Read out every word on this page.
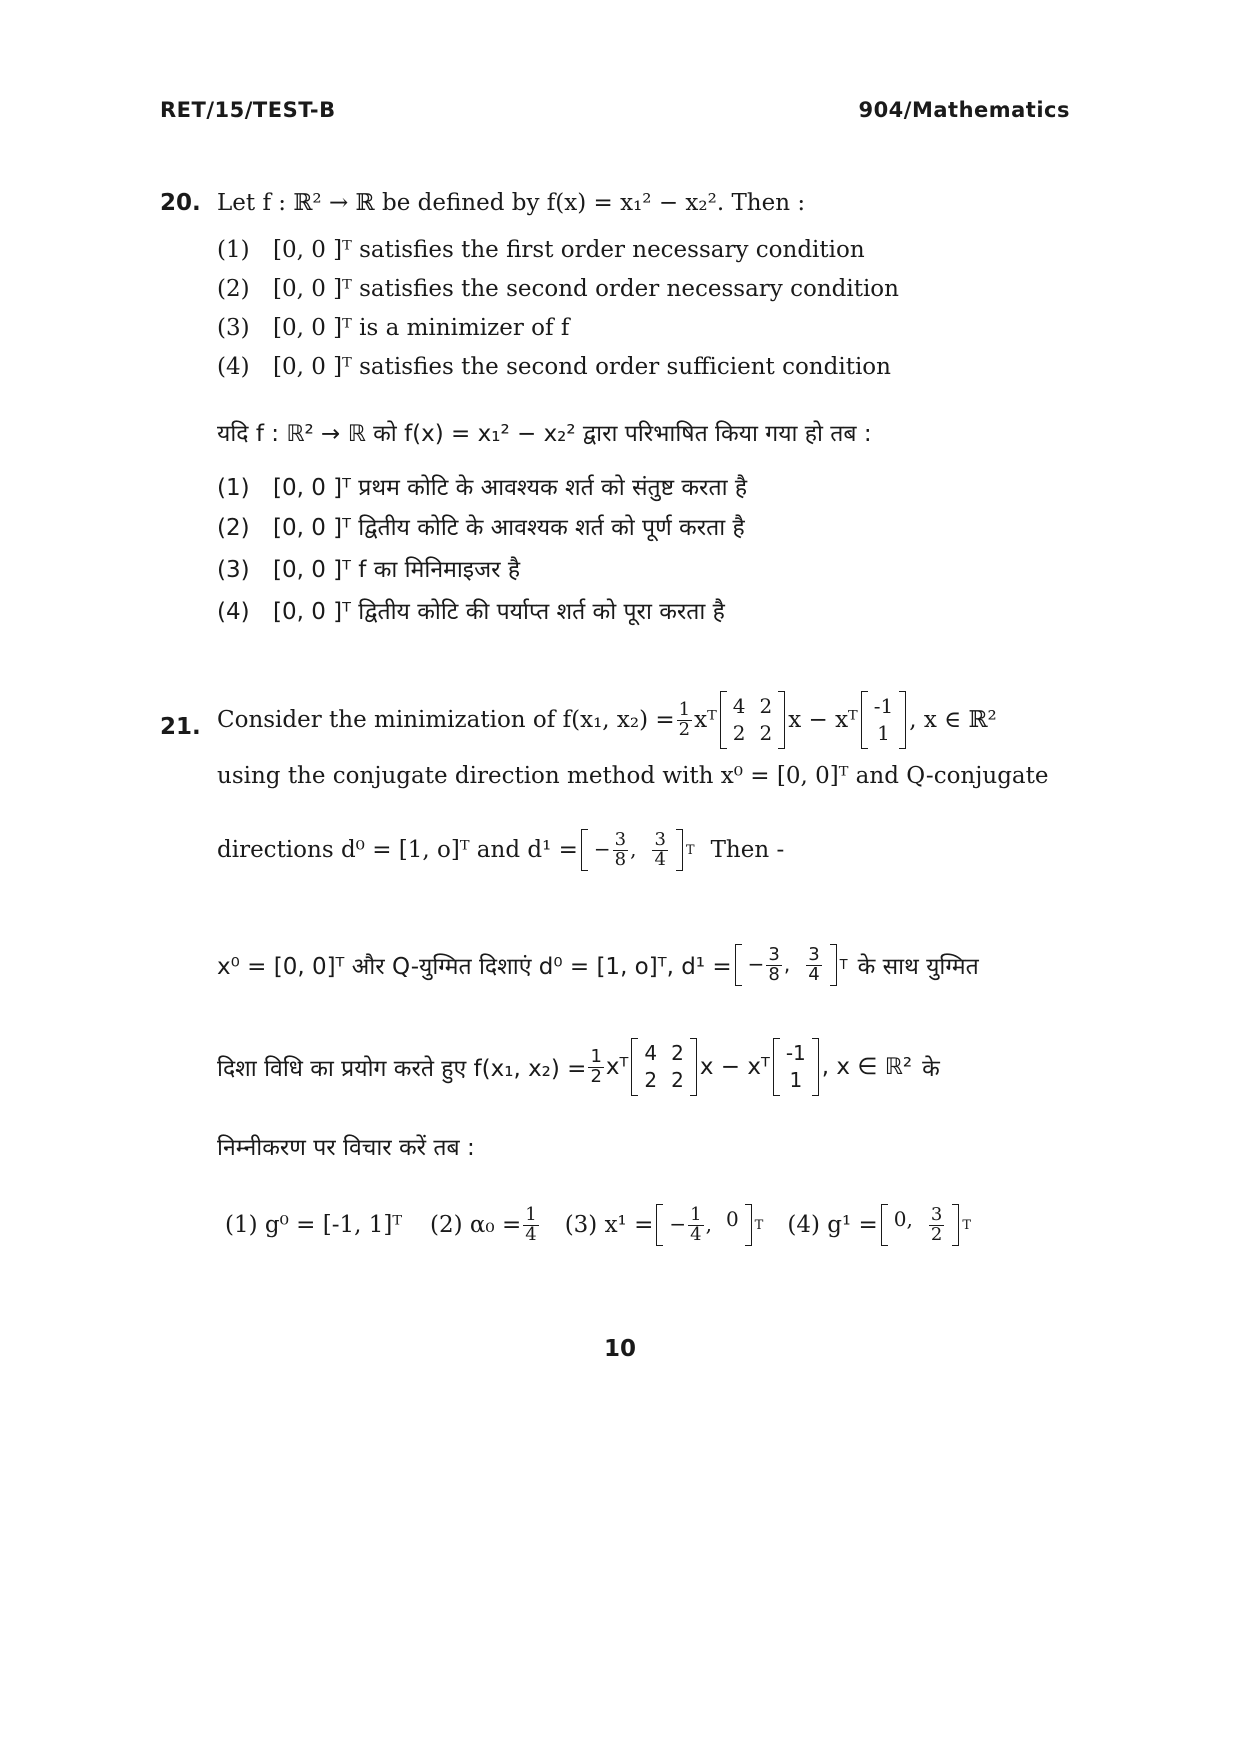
RET/15/TEST-B	904/Mathematics
20. Let f : ℝ² → ℝ be defined by f(x) = x₁² − x₂². Then :
(1) [0, 0 ]ᵀ satisfies the first order necessary condition
(2) [0, 0 ]ᵀ satisfies the second order necessary condition
(3) [0, 0 ]ᵀ is a minimizer of f
(4) [0, 0 ]ᵀ satisfies the second order sufficient condition
यदि f : ℝ² → ℝ को f(x) = x₁² − x₂² द्वारा परिभाषित किया गया हो तब :
(1) [0, 0 ]ᵀ प्रथम कोटि के आवश्यक शर्त को संतुष्ट करता है
(2) [0, 0 ]ᵀ द्वितीय कोटि के आवश्यक शर्त को पूर्ण करता है
(3) [0, 0 ]ᵀ f का मिनिमाइजर है
(4) [0, 0 ]ᵀ द्वितीय कोटि की पर्याप्त शर्त को पूरा करता है
21. Consider the minimization of f(x₁, $x_2) = \frac{1}{2}$ xᵀ
4 2
2 2 x − xᵀ
-1
1 , x ∈ ℝ²
using the conjugate direction method with x⁰ = [0, 0]ᵀ and Q-conjugate
directions d⁰ = [1, o]ᵀ and d¹ = − $\frac{3}{8}$ , $\frac{3}{4}$ T Then -
x⁰ = [0, 0]ᵀ और Q-युग्मित दिशाएं d⁰ = [1, o]ᵀ, d¹ = − $\frac{3}{8}$ , $\frac{3}{4}$ T के साथ युग्मित
दिशा विधि का प्रयोग करते हुए f(x₁, $x_2) = \frac{1}{2}$ xᵀ
4 2
2 2 x − xᵀ
-1
1 , x ∈ ℝ² के
निम्नीकरण पर विचार करें तब :
(1) g⁰ = [-1, 1]ᵀ (2) $\alpha_0 = \frac{1}{4} (3) x^1$ = − $\frac{1}{4}$ , 0 T (4) g¹ = 0, $\frac{3}{2}$ T
10
